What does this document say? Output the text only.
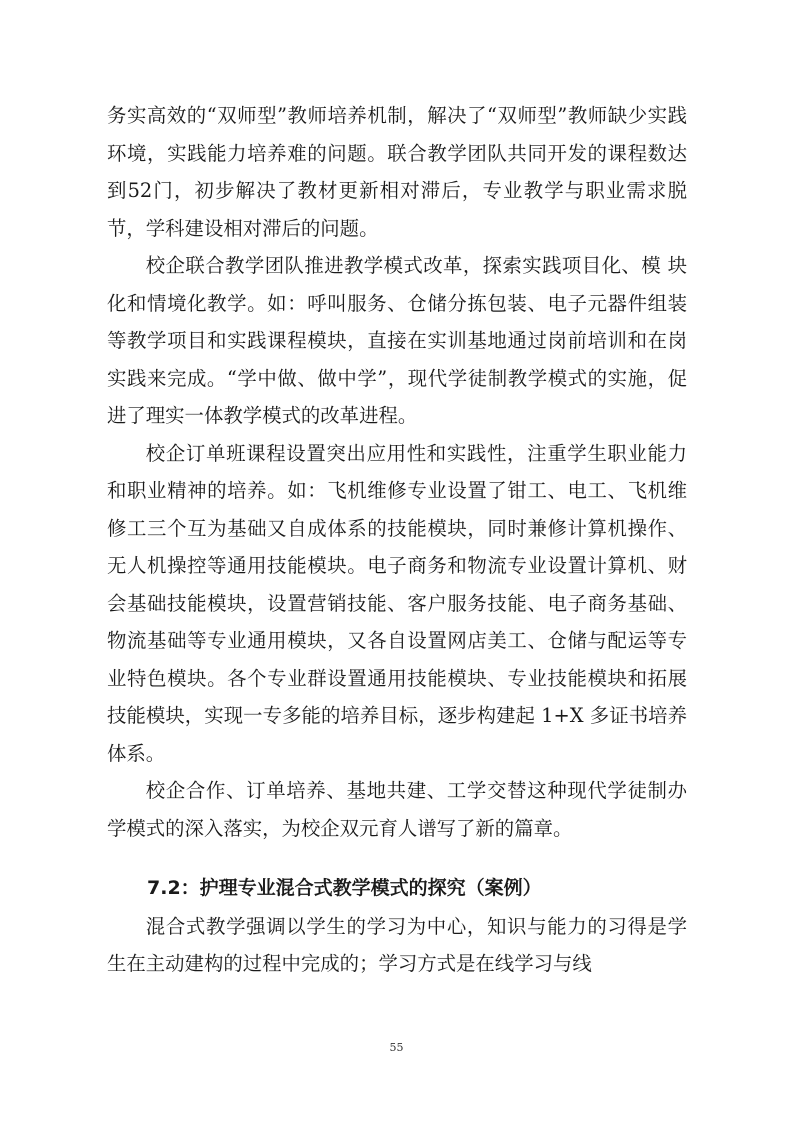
务实高效的“双师型”教师培养机制，解决了“双师型”教师缺少实践环境，实践能力培养难的问题。联合教学团队共同开发的课程数达到52门，初步解决了教材更新相对滞后，专业教学与职业需求脱节，学科建设相对滞后的问题。

校企联合教学团队推进教学模式改革，探索实践项目化、模 块化和情境化教学。如：呼叫服务、仓储分拣包装、电子元器件组装等教学项目和实践课程模块，直接在实训基地通过岗前培训和在岗实践来完成。“学中做、做中学”，现代学徒制教学模式的实施，促进了理实一体教学模式的改革进程。

校企订单班课程设置突出应用性和实践性，注重学生职业能力和职业精神的培养。如：飞机维修专业设置了钳工、电工、飞机维修工三个互为基础又自成体系的技能模块，同时兼修计算机操作、无人机操控等通用技能模块。电子商务和物流专业设置计算机、财会基础技能模块，设置营销技能、客户服务技能、电子商务基础、物流基础等专业通用模块，又各自设置网店美工、仓储与配运等专业特色模块。各个专业群设置通用技能模块、专业技能模块和拓展技能模块，实现一专多能的培养目标，逐步构建起 1+X 多证书培养体系。

校企合作、订单培养、基地共建、工学交替这种现代学徒制办学模式的深入落实，为校企双元育人谱写了新的篇章。

7.2：护理专业混合式教学模式的探究（案例）

混合式教学强调以学生的学习为中心，知识与能力的习得是学生在主动建构的过程中完成的；学习方式是在线学习与线

55
